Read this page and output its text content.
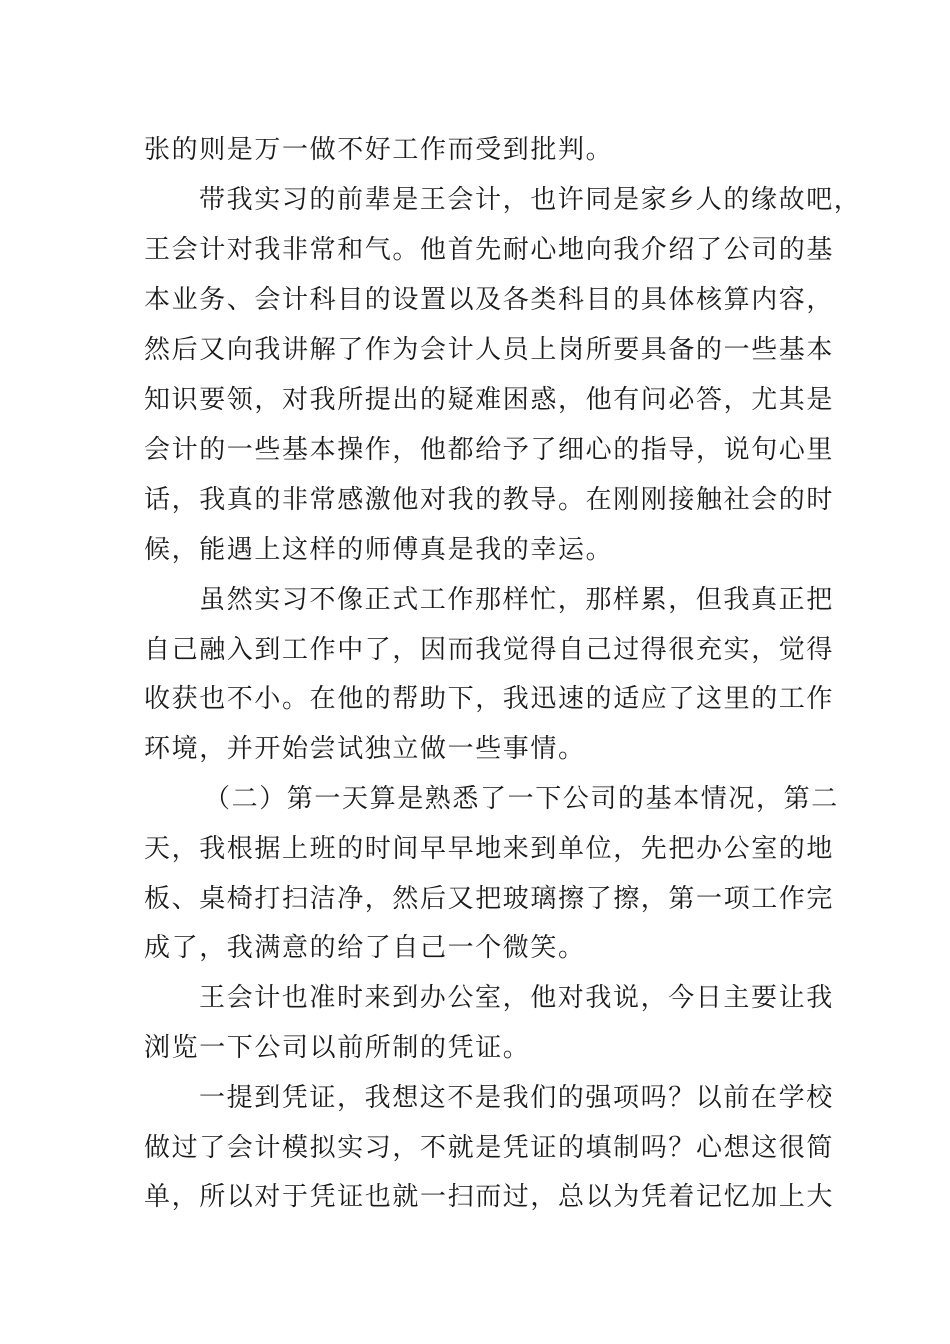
张的则是万一做不好工作而受到批判。

带我实习的前辈是王会计，也许同是家乡人的缘故吧，

王会计对我非常和气。他首先耐心地向我介绍了公司的基

本业务、会计科目的设置以及各类科目的具体核算内容，

然后又向我讲解了作为会计人员上岗所要具备的一些基本

知识要领，对我所提出的疑难困惑，他有问必答，尤其是

会计的一些基本操作，他都给予了细心的指导，说句心里

话，我真的非常感激他对我的教导。在刚刚接触社会的时

候，能遇上这样的师傅真是我的幸运。

虽然实习不像正式工作那样忙，那样累，但我真正把

自己融入到工作中了，因而我觉得自己过得很充实，觉得

收获也不小。在他的帮助下，我迅速的适应了这里的工作

环境，并开始尝试独立做一些事情。

（二）第一天算是熟悉了一下公司的基本情况，第二

天，我根据上班的时间早早地来到单位，先把办公室的地

板、桌椅打扫洁净，然后又把玻璃擦了擦，第一项工作完

成了，我满意的给了自己一个微笑。

王会计也准时来到办公室，他对我说，今日主要让我

浏览一下公司以前所制的凭证。

一提到凭证，我想这不是我们的强项吗？以前在学校

做过了会计模拟实习，不就是凭证的填制吗？心想这很简

单，所以对于凭证也就一扫而过，总以为凭着记忆加上大
